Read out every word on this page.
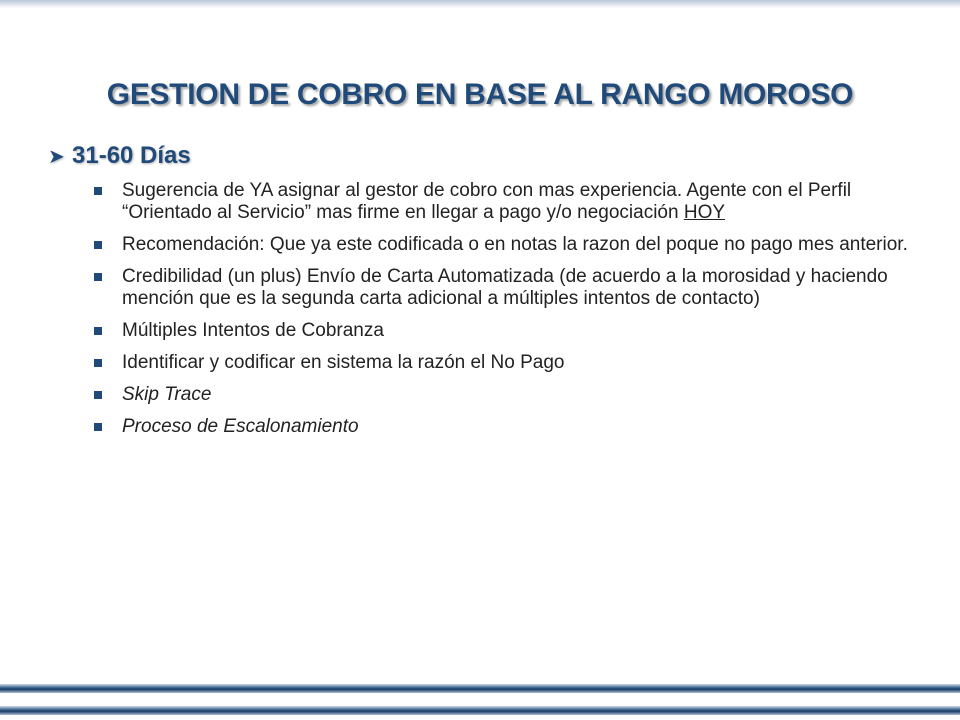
GESTION DE COBRO EN BASE AL RANGO MOROSO
➤ 31-60 Días
Sugerencia de YA asignar al gestor de cobro con mas experiencia. Agente con el Perfil “Orientado al Servicio” mas firme en llegar a pago y/o negociación HOY
Recomendación: Que ya este codificada o en notas la razon del poque no pago mes anterior.
Credibilidad (un plus) Envío de Carta Automatizada (de acuerdo a la morosidad y haciendo mención que es la segunda carta adicional a múltiples intentos de contacto)
Múltiples Intentos de Cobranza
Identificar y codificar en sistema la razón el No Pago
Skip Trace
Proceso de Escalonamiento
